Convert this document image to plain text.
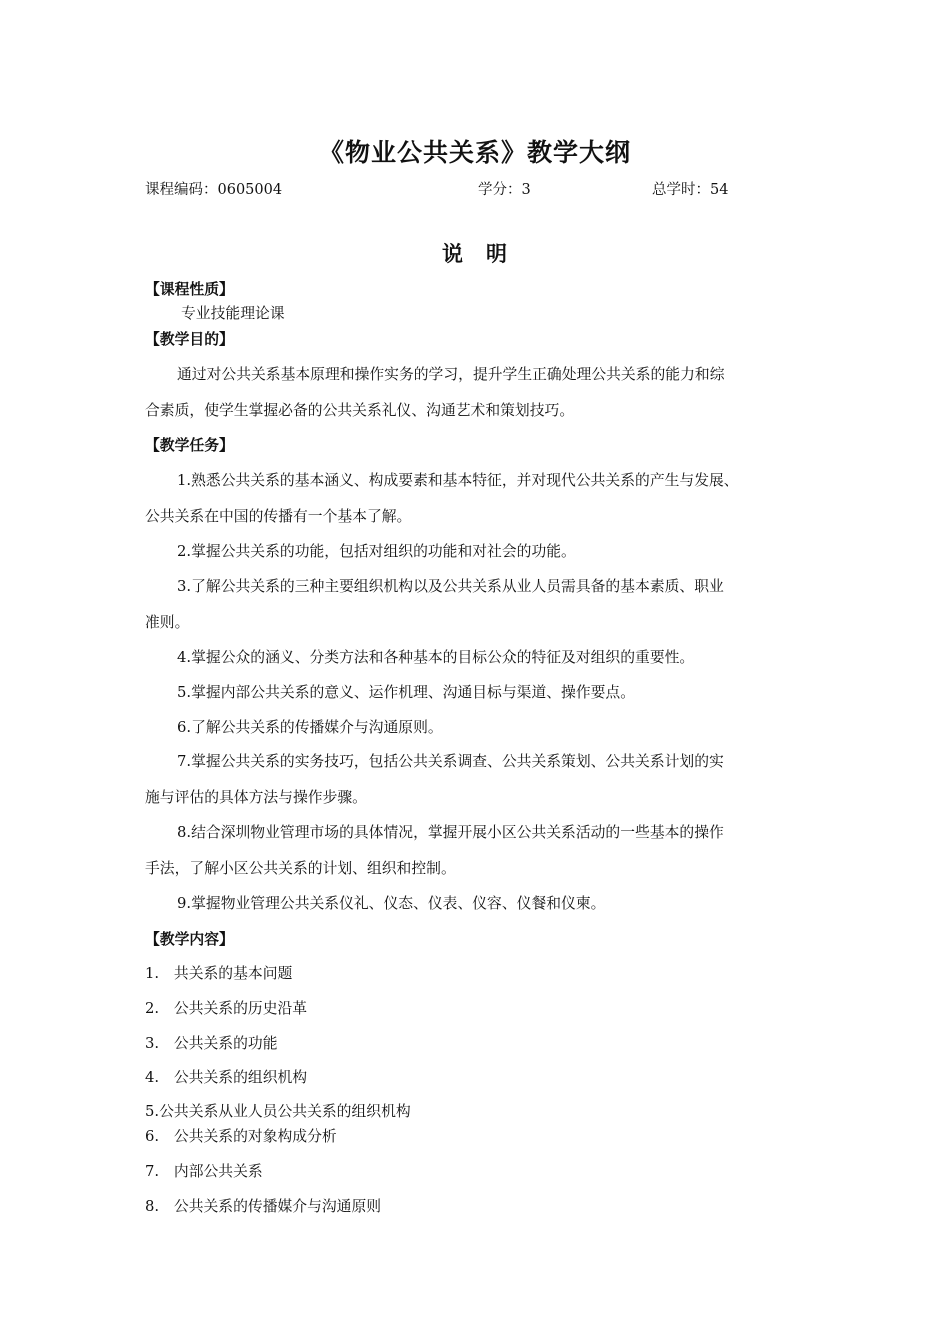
《物业公共关系》教学大纲
课程编码：0605004	学分：3	总学时：54
说　明
【课程性质】
专业技能理论课
【教学目的】
通过对公共关系基本原理和操作实务的学习，提升学生正确处理公共关系的能力和综
合素质，使学生掌握必备的公共关系礼仪、沟通艺术和策划技巧。
【教学任务】
1.熟悉公共关系的基本涵义、构成要素和基本特征，并对现代公共关系的产生与发展、
公共关系在中国的传播有一个基本了解。
2.掌握公共关系的功能，包括对组织的功能和对社会的功能。
3.了解公共关系的三种主要组织机构以及公共关系从业人员需具备的基本素质、职业
准则。
4.掌握公众的涵义、分类方法和各种基本的目标公众的特征及对组织的重要性。
5.掌握内部公共关系的意义、运作机理、沟通目标与渠道、操作要点。
6.了解公共关系的传播媒介与沟通原则。
7.掌握公共关系的实务技巧，包括公共关系调查、公共关系策划、公共关系计划的实
施与评估的具体方法与操作步骤。
8.结合深圳物业管理市场的具体情况，掌握开展小区公共关系活动的一些基本的操作
手法，了解小区公共关系的计划、组织和控制。
9.掌握物业管理公共关系仪礼、仪态、仪表、仪容、仪餐和仪柬。
【教学内容】
1.　共关系的基本问题
2.　公共关系的历史沿革
3.　公共关系的功能
4.　公共关系的组织机构
5.公共关系从业人员公共关系的组织机构
6.　公共关系的对象构成分析
7.　内部公共关系
8.　公共关系的传播媒介与沟通原则
